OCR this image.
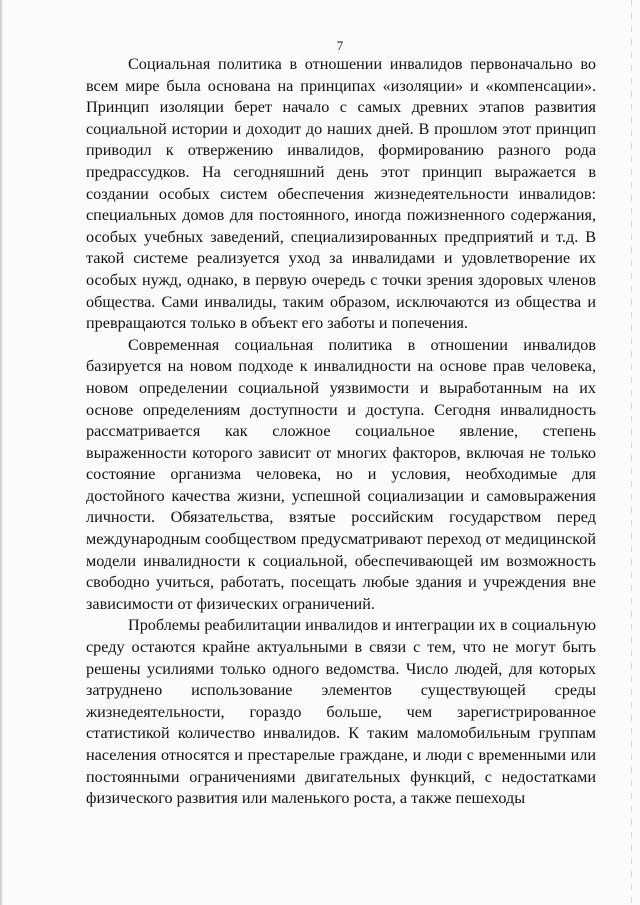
7

Социальная политика в отношении инвалидов первоначально во всем мире была основана на принципах «изоляции» и «компенсации». Принцип изоляции берет начало с самых древних этапов развития социальной истории и доходит до наших дней. В прошлом этот принцип приводил к отвержению инвалидов, формированию разного рода предрассудков. На сегодняшний день этот принцип выражается в создании особых систем обеспечения жизнедеятельности инвалидов: специальных домов для постоянного, иногда пожизненного содержания, особых учебных заведений, специализированных предприятий и т.д. В такой системе реализуется уход за инвалидами и удовлетворение их особых нужд, однако, в первую очередь с точки зрения здоровых членов общества. Сами инвалиды, таким образом, исключаются из общества и превращаются только в объект его заботы и попечения.

Современная социальная политика в отношении инвалидов базируется на новом подходе к инвалидности на основе прав человека, новом определении социальной уязвимости и выработанным на их основе определениям доступности и доступа. Сегодня инвалидность рассматривается как сложное социальное явление, степень выраженности которого зависит от многих факторов, включая не только состояние организма человека, но и условия, необходимые для достойного качества жизни, успешной социализации и самовыражения личности. Обязательства, взятые российским государством перед международным сообществом предусматривают переход от медицинской модели инвалидности к социальной, обеспечивающей им возможность свободно учиться, работать, посещать любые здания и учреждения вне зависимости от физических ограничений.

Проблемы реабилитации инвалидов и интеграции их в социальную среду остаются крайне актуальными в связи с тем, что не могут быть решены усилиями только одного ведомства. Число людей, для которых затруднено использование элементов существующей среды жизнедеятельности, гораздо больше, чем зарегистрированное статистикой количество инвалидов. К таким маломобильным группам населения относятся и престарелые граждане, и люди с временными или постоянными ограничениями двигательных функций, с недостатками физического развития или маленького роста, а также пешеходы
